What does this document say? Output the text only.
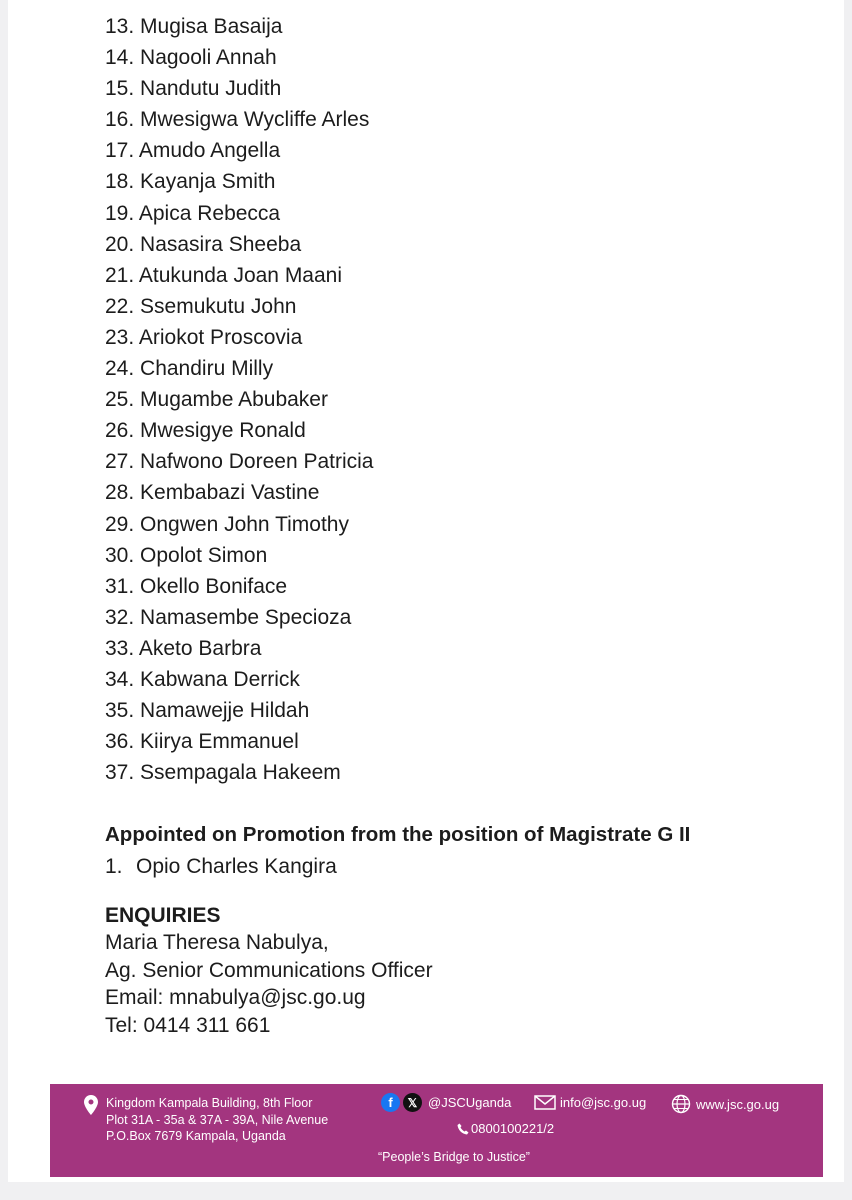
13. Mugisa Basaija
14. Nagooli Annah
15. Nandutu Judith
16. Mwesigwa Wycliffe Arles
17. Amudo Angella
18. Kayanja Smith
19. Apica Rebecca
20. Nasasira Sheeba
21. Atukunda Joan Maani
22. Ssemukutu John
23. Ariokot Proscovia
24. Chandiru Milly
25. Mugambe Abubaker
26. Mwesigye Ronald
27. Nafwono Doreen Patricia
28. Kembabazi Vastine
29. Ongwen John Timothy
30. Opolot Simon
31. Okello Boniface
32. Namasembe Specioza
33. Aketo Barbra
34. Kabwana Derrick
35. Namawejje Hildah
36. Kiirya Emmanuel
37. Ssempagala Hakeem
Appointed on Promotion from the position of Magistrate G II
1. Opio Charles Kangira
ENQUIRIES
Maria Theresa Nabulya,
Ag. Senior Communications Officer
Email: mnabulya@jsc.go.ug
Tel: 0414 311 661
Kingdom Kampala Building, 8th Floor
Plot 31A - 35a & 37A - 39A, Nile Avenue
P.O.Box 7679 Kampala, Uganda
f	𝕏 @JSCUganda	info@jsc.go.ug	www.jsc.go.ug
0800100221/2
“People’s Bridge to Justice”
